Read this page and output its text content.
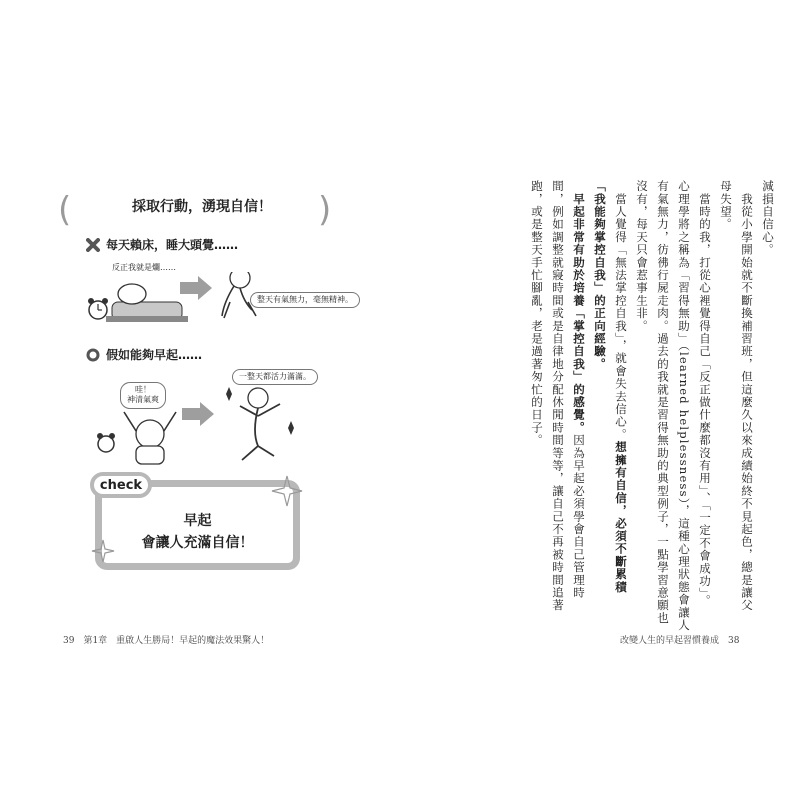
(	)
採取行動，湧現自信！
每天賴床，睡大頭覺……
反正我就是爛……
整天有氣無力，毫無精神。
假如能夠早起……
哇！
神清氣爽
一整天都活力滿滿。
check
早起
會讓人充滿自信！
39　第1章　重啟人生勝局！早起的魔法效果驚人！
減損自信心。
　我從小學開始就不斷換補習班，但這麼久以來成績始終不見起色，總是讓父
母失望。
　當時的我，打從心裡覺得自己「反正做什麼都沒有用」、「一定不會成功」。
心理學將之稱為「習得無助」（learned helplessness），這種心理狀態會讓人
有氣無力，彷彿行屍走肉。過去的我就是習得無助的典型例子，一點學習意願也
沒有，每天只會惹事生非。
　當人覺得「無法掌控自我」，就會失去信心。想擁有自信，必須不斷累積
「我能夠掌控自我」的正向經驗。
　早起非常有助於培養「掌控自我」的感覺。因為早起必須學會自己管理時
間，例如調整就寢時間或是自律地分配休閒時間等等，讓自己不再被時間追著
跑，或是整天手忙腳亂，老是過著匆忙的日子。
改變人生的早起習慣養成　38
